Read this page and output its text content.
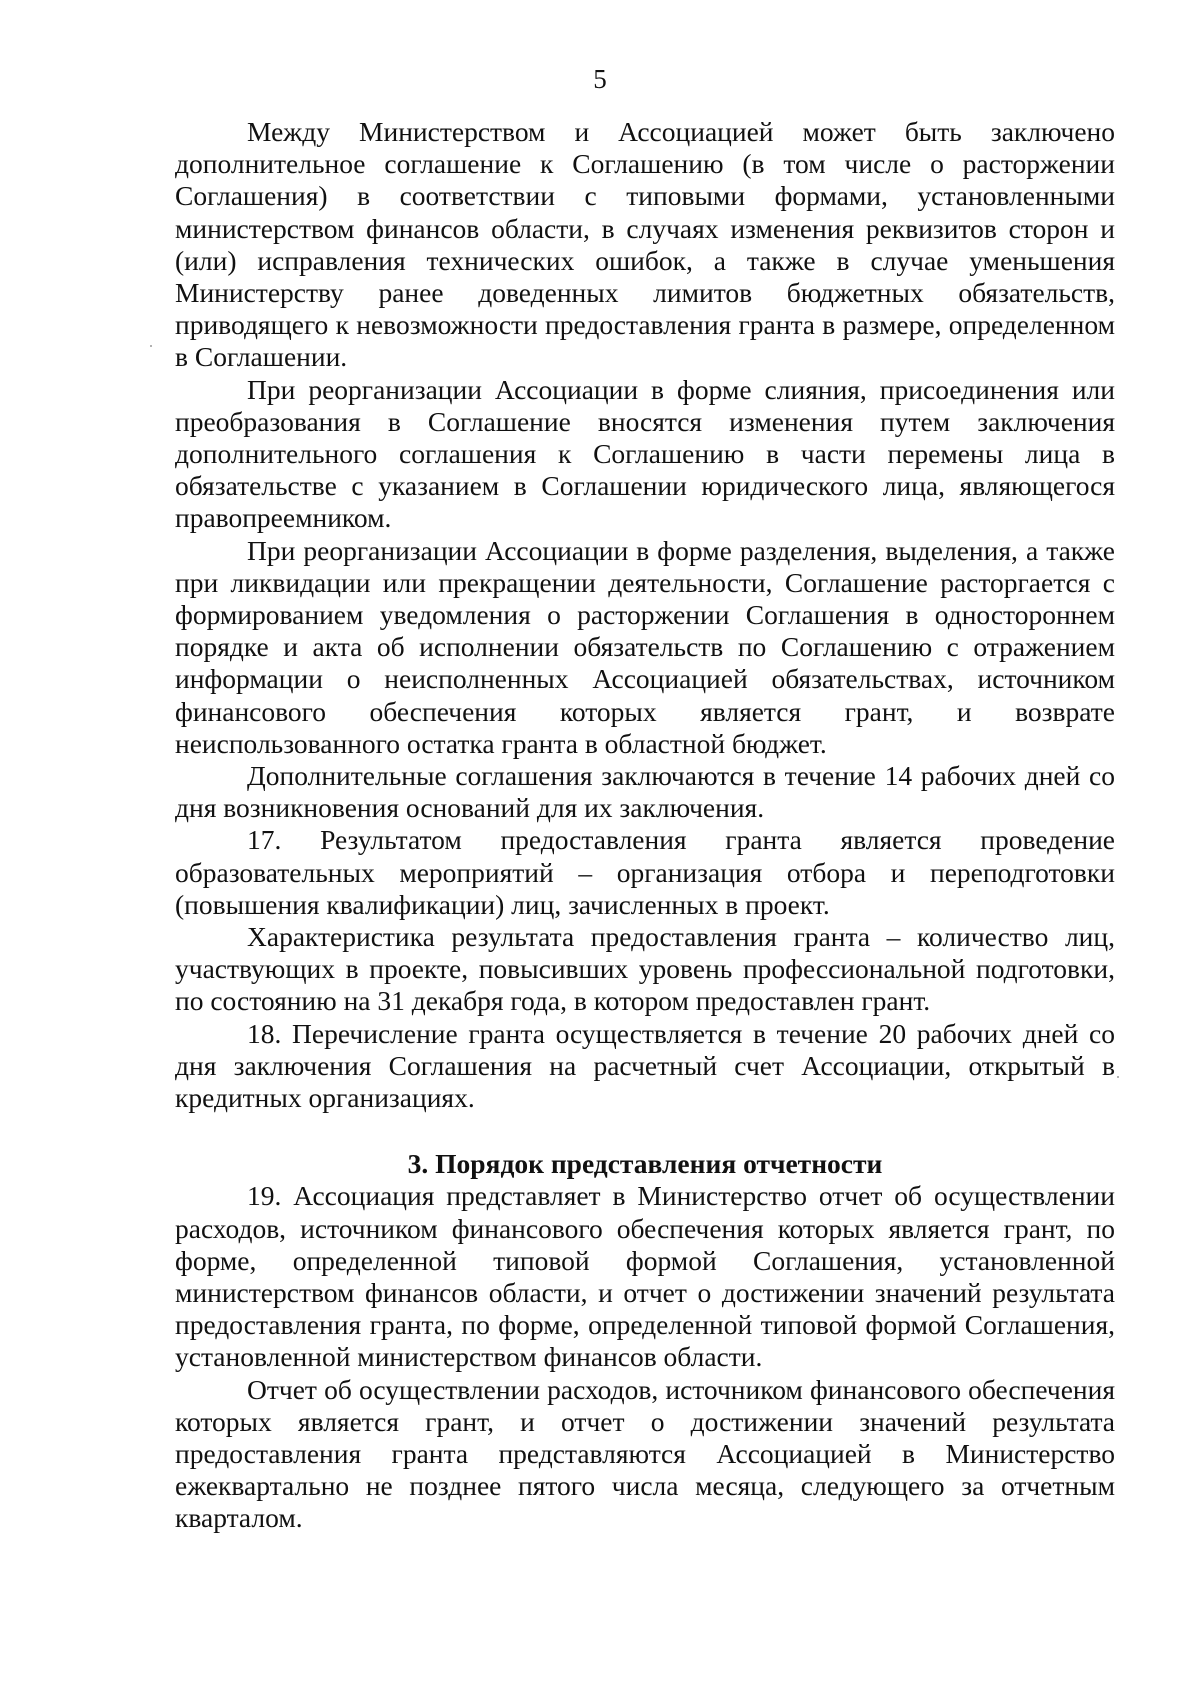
5

Между Министерством и Ассоциацией может быть заключено дополнительное соглашение к Соглашению (в том числе о расторжении Соглашения) в соответствии с типовыми формами, установленными министерством финансов области, в случаях изменения реквизитов сторон и (или) исправления технических ошибок, а также в случае уменьшения Министерству ранее доведенных лимитов бюджетных обязательств, приводящего к невозможности предоставления гранта в размере, определенном в Соглашении.

При реорганизации Ассоциации в форме слияния, присоединения или преобразования в Соглашение вносятся изменения путем заключения дополнительного соглашения к Соглашению в части перемены лица в обязательстве с указанием в Соглашении юридического лица, являющегося правопреемником.

При реорганизации Ассоциации в форме разделения, выделения, а также при ликвидации или прекращении деятельности, Соглашение расторгается с формированием уведомления о расторжении Соглашения в одностороннем порядке и акта об исполнении обязательств по Соглашению с отражением информации о неисполненных Ассоциацией обязательствах, источником финансового обеспечения которых является грант, и возврате неиспользованного остатка гранта в областной бюджет.

Дополнительные соглашения заключаются в течение 14 рабочих дней со дня возникновения оснований для их заключения.

17. Результатом предоставления гранта является проведение образовательных мероприятий – организация отбора и переподготовки (повышения квалификации) лиц, зачисленных в проект.

Характеристика результата предоставления гранта – количество лиц, участвующих в проекте, повысивших уровень профессиональной подготовки, по состоянию на 31 декабря года, в котором предоставлен грант.

18. Перечисление гранта осуществляется в течение 20 рабочих дней со дня заключения Соглашения на расчетный счет Ассоциации, открытый в кредитных организациях.

3. Порядок представления отчетности

19. Ассоциация представляет в Министерство отчет об осуществлении расходов, источником финансового обеспечения которых является грант, по форме, определенной типовой формой Соглашения, установленной министерством финансов области, и отчет о достижении значений результата предоставления гранта, по форме, определенной типовой формой Соглашения, установленной министерством финансов области.

Отчет об осуществлении расходов, источником финансового обеспечения которых является грант, и отчет о достижении значений результата предоставления гранта представляются Ассоциацией в Министерство ежеквартально не позднее пятого числа месяца, следующего за отчетным кварталом.
